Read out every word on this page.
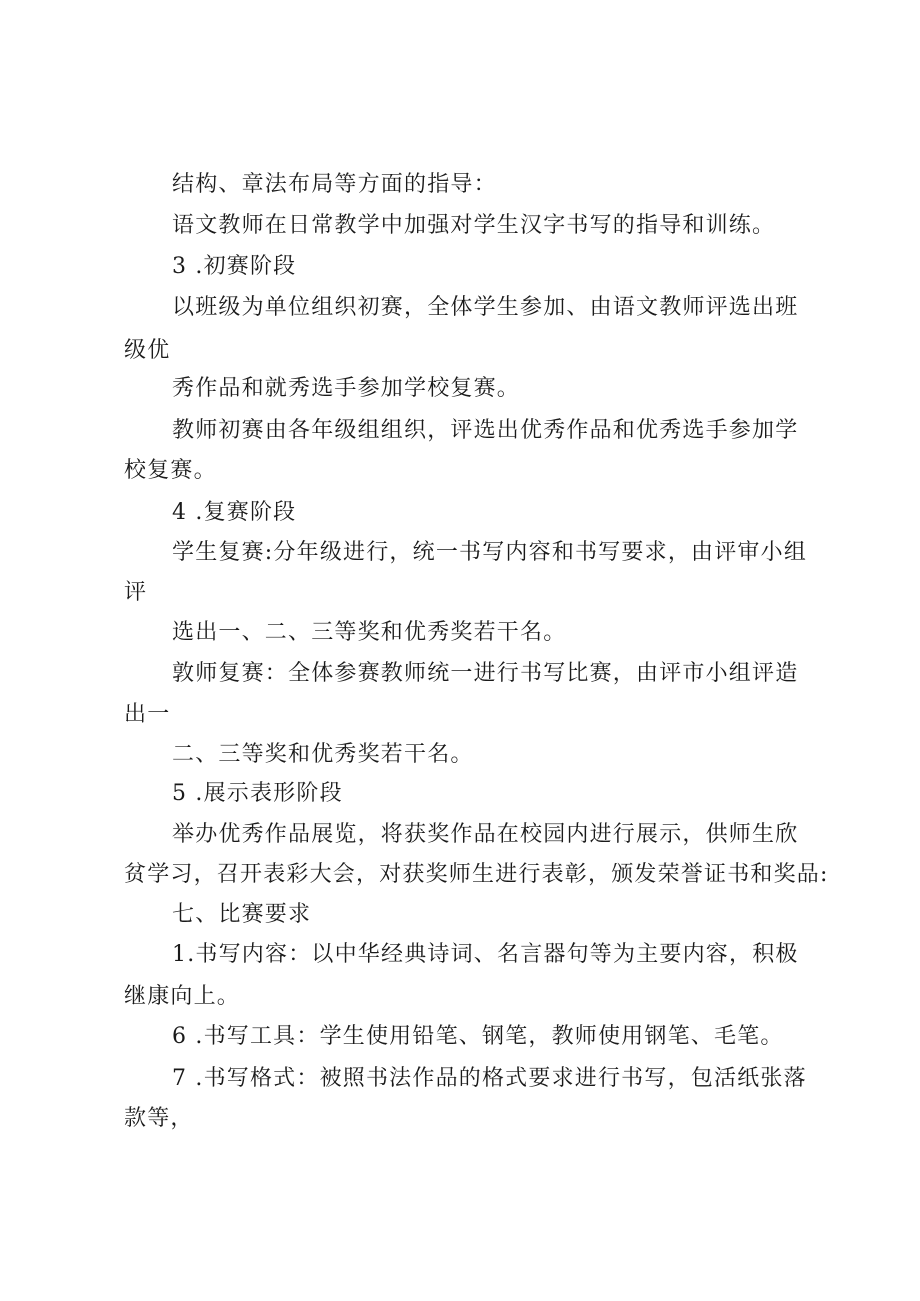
结构、章法布局等方面的指导：
语文教师在日常教学中加强对学生汉字书写的指导和训练。
3 .初赛阶段
以班级为单位组织初赛，全体学生参加、由语文教师评选出班
级优
秀作品和就秀选手参加学校复赛。
教师初赛由各年级组组织，评选出优秀作品和优秀选手参加学
校复赛。
4 .复赛阶段
学生复赛:分年级进行，统一书写内容和书写要求，由评审小组
评
选出一、二、三等奖和优秀奖若干名。
敦师复赛：全体参赛教师统一进行书写比赛，由评市小组评造
出一
二、三等奖和优秀奖若干名。
5 .展示表形阶段
举办优秀作品展览，将获奖作品在校园内进行展示，供师生欣
贫学习，召开表彩大会，对获奖师生进行表彰，颁发荣誉证书和奖品:
七、比赛要求
1.书写内容：以中华经典诗词、名言器句等为主要内容，积极
继康向上。
6 .书写工具：学生使用铅笔、钢笔，教师使用钢笔、毛笔。
7 .书写格式：被照书法作品的格式要求进行书写，包活纸张落
款等，
